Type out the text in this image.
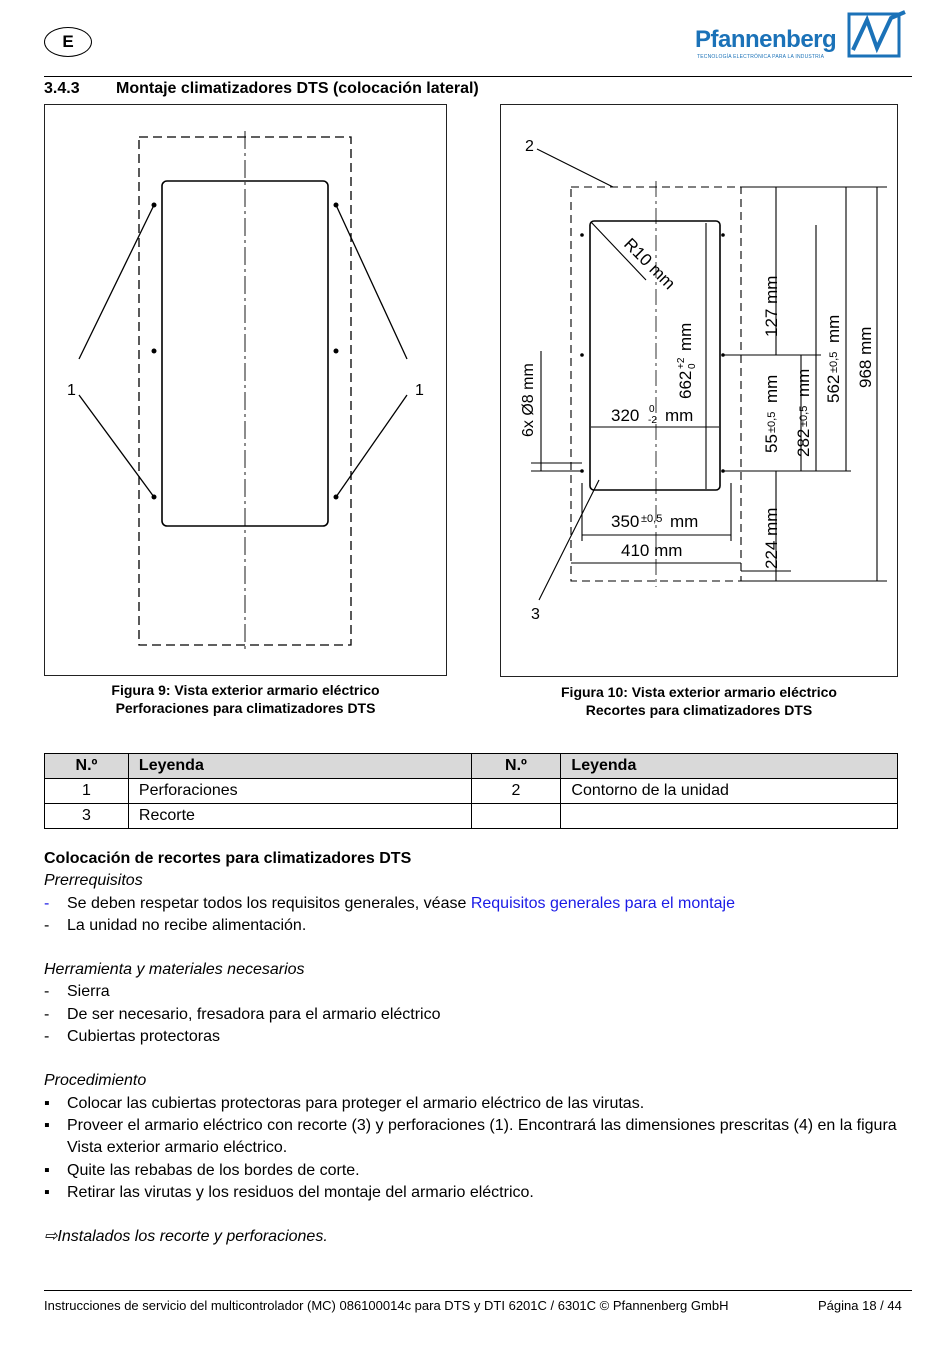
E	Pfannenberg
TECNOLOGÍA ELECTRÓNICA PARA LA INDUSTRIA
3.4.3 Montaje climatizadores DTS (colocación lateral)
1	1
Figura 9: Vista exterior armario eléctrico
Perforaciones para climatizadores DTS
2
3
R10 mm
662
+2 0
mm
320 0
-2 mm
6x Ø8 mm
350 ±0,5 mm
410 mm
127 mm
55
±0,5
mm
282
±0,5
mm 562
±0,5
mm 968 mm
224 mm
Figura 10: Vista exterior armario eléctrico
Recortes para climatizadores DTS
N.º	Leyenda	N.º	Leyenda
1	Perforaciones	2	Contorno de la unidad
3	Recorte		
Colocación de recortes para climatizadores DTS
Prerrequisitos
- Se deben respetar todos los requisitos generales, véase Requisitos generales para el montaje
- La unidad no recibe alimentación.
Herramienta y materiales necesarios
- Sierra
- De ser necesario, fresadora para el armario eléctrico
- Cubiertas protectoras
Procedimiento
▪ Colocar las cubiertas protectoras para proteger el armario eléctrico de las virutas.
▪ Proveer el armario eléctrico con recorte (3) y perforaciones (1). Encontrará las dimensiones prescritas (4) en la figura Vista exterior armario eléctrico.
▪ Quite las rebabas de los bordes de corte.
▪ Retirar las virutas y los residuos del montaje del armario eléctrico.
⇨Instalados los recorte y perforaciones.
Instrucciones de servicio del multicontrolador (MC) 086100014c para DTS y DTI 6201C / 6301C © Pfannenberg GmbH	Página 18 / 44
